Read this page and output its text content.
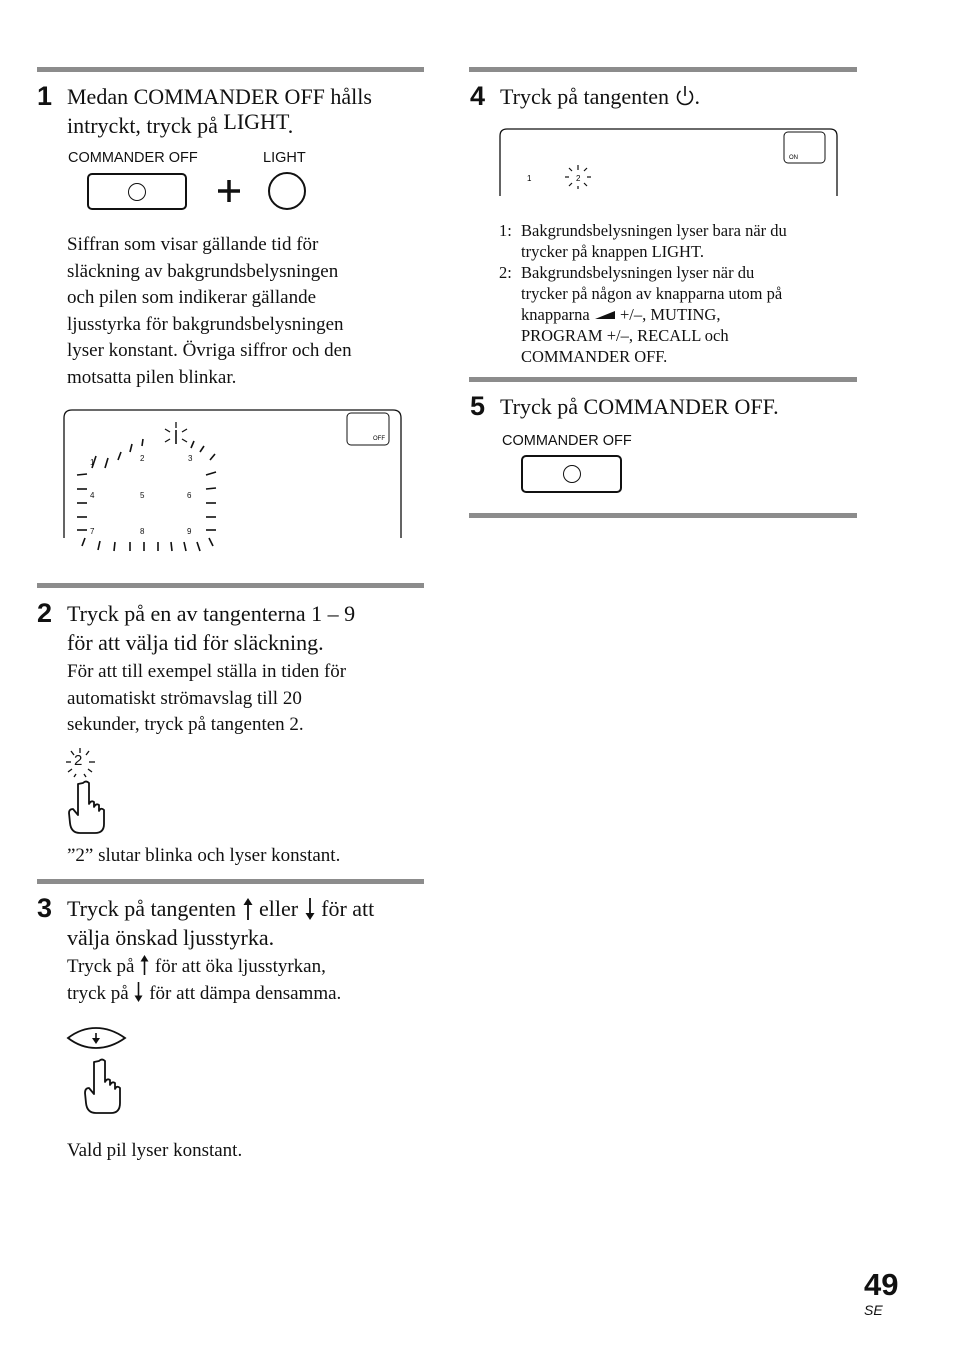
1 Medan COMMANDER OFF hålls
intryckt, tryck på LIGHT.
COMMANDER OFF	LIGHT
Siffran som visar gällande tid för
släckning av bakgrundsbelysningen
och pilen som indikerar gällande
ljusstyrka för bakgrundsbelysningen
lyser konstant. Övriga siffror och den
motsatta pilen blinkar.
OFF
1	2	3
4	5	6
7	8	9
2 Tryck på en av tangenterna 1 – 9
för att välja tid för släckning.
För att till exempel ställa in tiden för
automatiskt strömavslag till 20
sekunder, tryck på tangenten 2.
2
”2” slutar blinka och lyser konstant.
3 Tryck på tangenten eller för att
välja önskad ljusstyrka.
Tryck på för att öka ljusstyrkan,
tryck på för att dämpa densamma.
Vald pil lyser konstant.
4 Tryck på tangenten .
ON
1	2
1: Bakgrundsbelysningen lyser bara när du
trycker på knappen LIGHT.
2: Bakgrundsbelysningen lyser när du
trycker på någon av knapparna utom på
knapparna +/–, MUTING,
PROGRAM +/–, RECALL och
COMMANDER OFF.
5 Tryck på COMMANDER OFF.
COMMANDER OFF
49
SE
